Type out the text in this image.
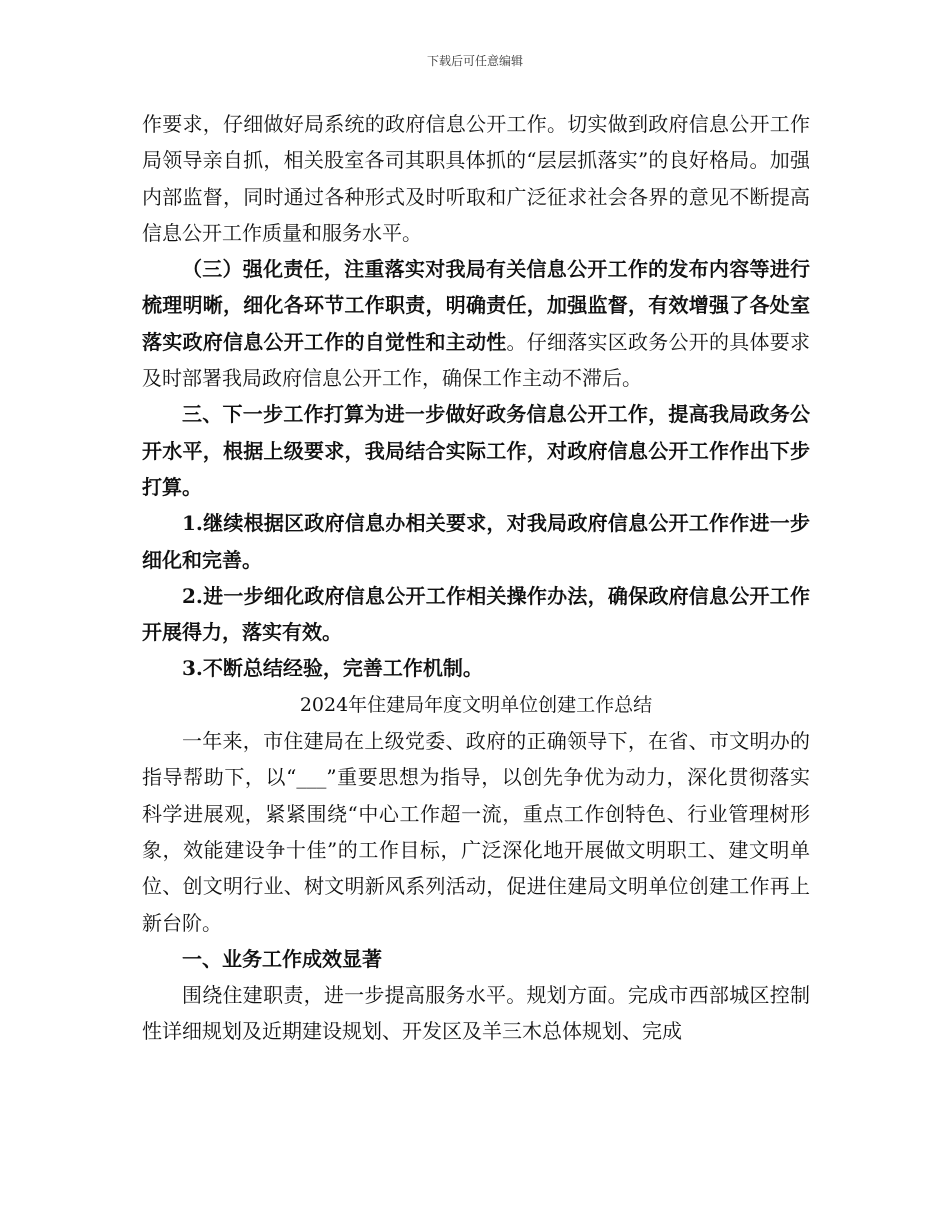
下载后可任意编辑

作要求，仔细做好局系统的政府信息公开工作。切实做到政府信息公开工作局领导亲自抓，相关股室各司其职具体抓的“层层抓落实”的良好格局。加强内部监督，同时通过各种形式及时听取和广泛征求社会各界的意见不断提高信息公开工作质量和服务水平。

（三）强化责任，注重落实对我局有关信息公开工作的发布内容等进行梳理明晰，细化各环节工作职责，明确责任，加强监督，有效增强了各处室落实政府信息公开工作的自觉性和主动性。仔细落实区政务公开的具体要求及时部署我局政府信息公开工作，确保工作主动不滞后。

三、下一步工作打算为进一步做好政务信息公开工作，提高我局政务公开水平，根据上级要求，我局结合实际工作，对政府信息公开工作作出下步打算。

1.继续根据区政府信息办相关要求，对我局政府信息公开工作作进一步细化和完善。

2.进一步细化政府信息公开工作相关操作办法，确保政府信息公开工作开展得力，落实有效。

3.不断总结经验，完善工作机制。

2024年住建局年度文明单位创建工作总结

一年来，市住建局在上级党委、政府的正确领导下，在省、市文明办的指导帮助下，以“___”重要思想为指导，以创先争优为动力，深化贯彻落实科学进展观，紧紧围绕“中心工作超一流，重点工作创特色、行业管理树形象，效能建设争十佳”的工作目标，广泛深化地开展做文明职工、建文明单位、创文明行业、树文明新风系列活动，促进住建局文明单位创建工作再上新台阶。

一、业务工作成效显著

围绕住建职责，进一步提高服务水平。规划方面。完成市西部城区控制性详细规划及近期建设规划、开发区及羊三木总体规划、完成
